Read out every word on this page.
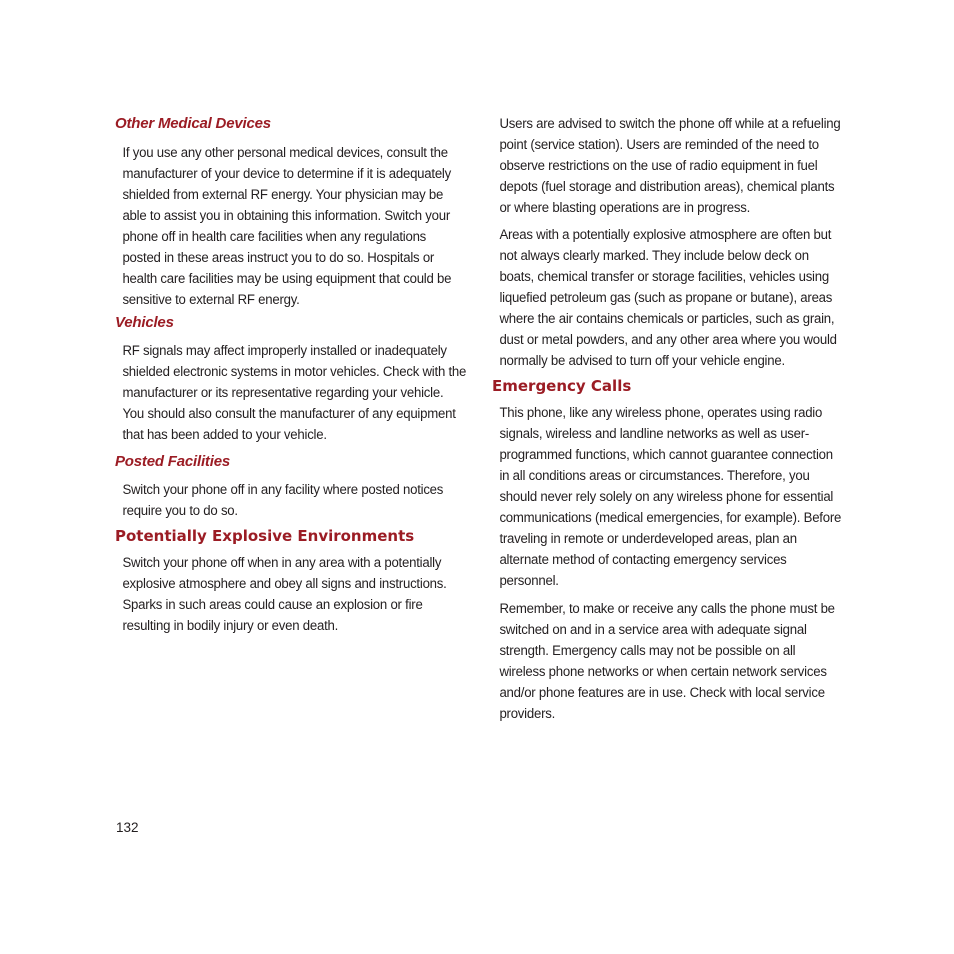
Other Medical Devices

If you use any other personal medical devices, consult the manufacturer of your device to determine if it is adequately shielded from external RF energy. Your physician may be able to assist you in obtaining this information. Switch your phone off in health care facilities when any regulations posted in these areas instruct you to do so. Hospitals or health care facilities may be using equipment that could be sensitive to external RF energy.

Vehicles

RF signals may affect improperly installed or inadequately shielded electronic systems in motor vehicles. Check with the manufacturer or its representative regarding your vehicle. You should also consult the manufacturer of any equipment that has been added to your vehicle.

Posted Facilities

Switch your phone off in any facility where posted notices require you to do so.

Potentially Explosive Environments

Switch your phone off when in any area with a potentially explosive atmosphere and obey all signs and instructions. Sparks in such areas could cause an explosion or fire resulting in bodily injury or even death.

Users are advised to switch the phone off while at a refueling point (service station). Users are reminded of the need to observe restrictions on the use of radio equipment in fuel depots (fuel storage and distribution areas), chemical plants or where blasting operations are in progress.

Areas with a potentially explosive atmosphere are often but not always clearly marked. They include below deck on boats, chemical transfer or storage facilities, vehicles using liquefied petroleum gas (such as propane or butane), areas where the air contains chemicals or particles, such as grain, dust or metal powders, and any other area where you would normally be advised to turn off your vehicle engine.

Emergency Calls

This phone, like any wireless phone, operates using radio signals, wireless and landline networks as well as user-programmed functions, which cannot guarantee connection in all conditions areas or circumstances. Therefore, you should never rely solely on any wireless phone for essential communications (medical emergencies, for example). Before traveling in remote or underdeveloped areas, plan an alternate method of contacting emergency services personnel.

Remember, to make or receive any calls the phone must be switched on and in a service area with adequate signal strength. Emergency calls may not be possible on all wireless phone networks or when certain network services and/or phone features are in use. Check with local service providers.

132
